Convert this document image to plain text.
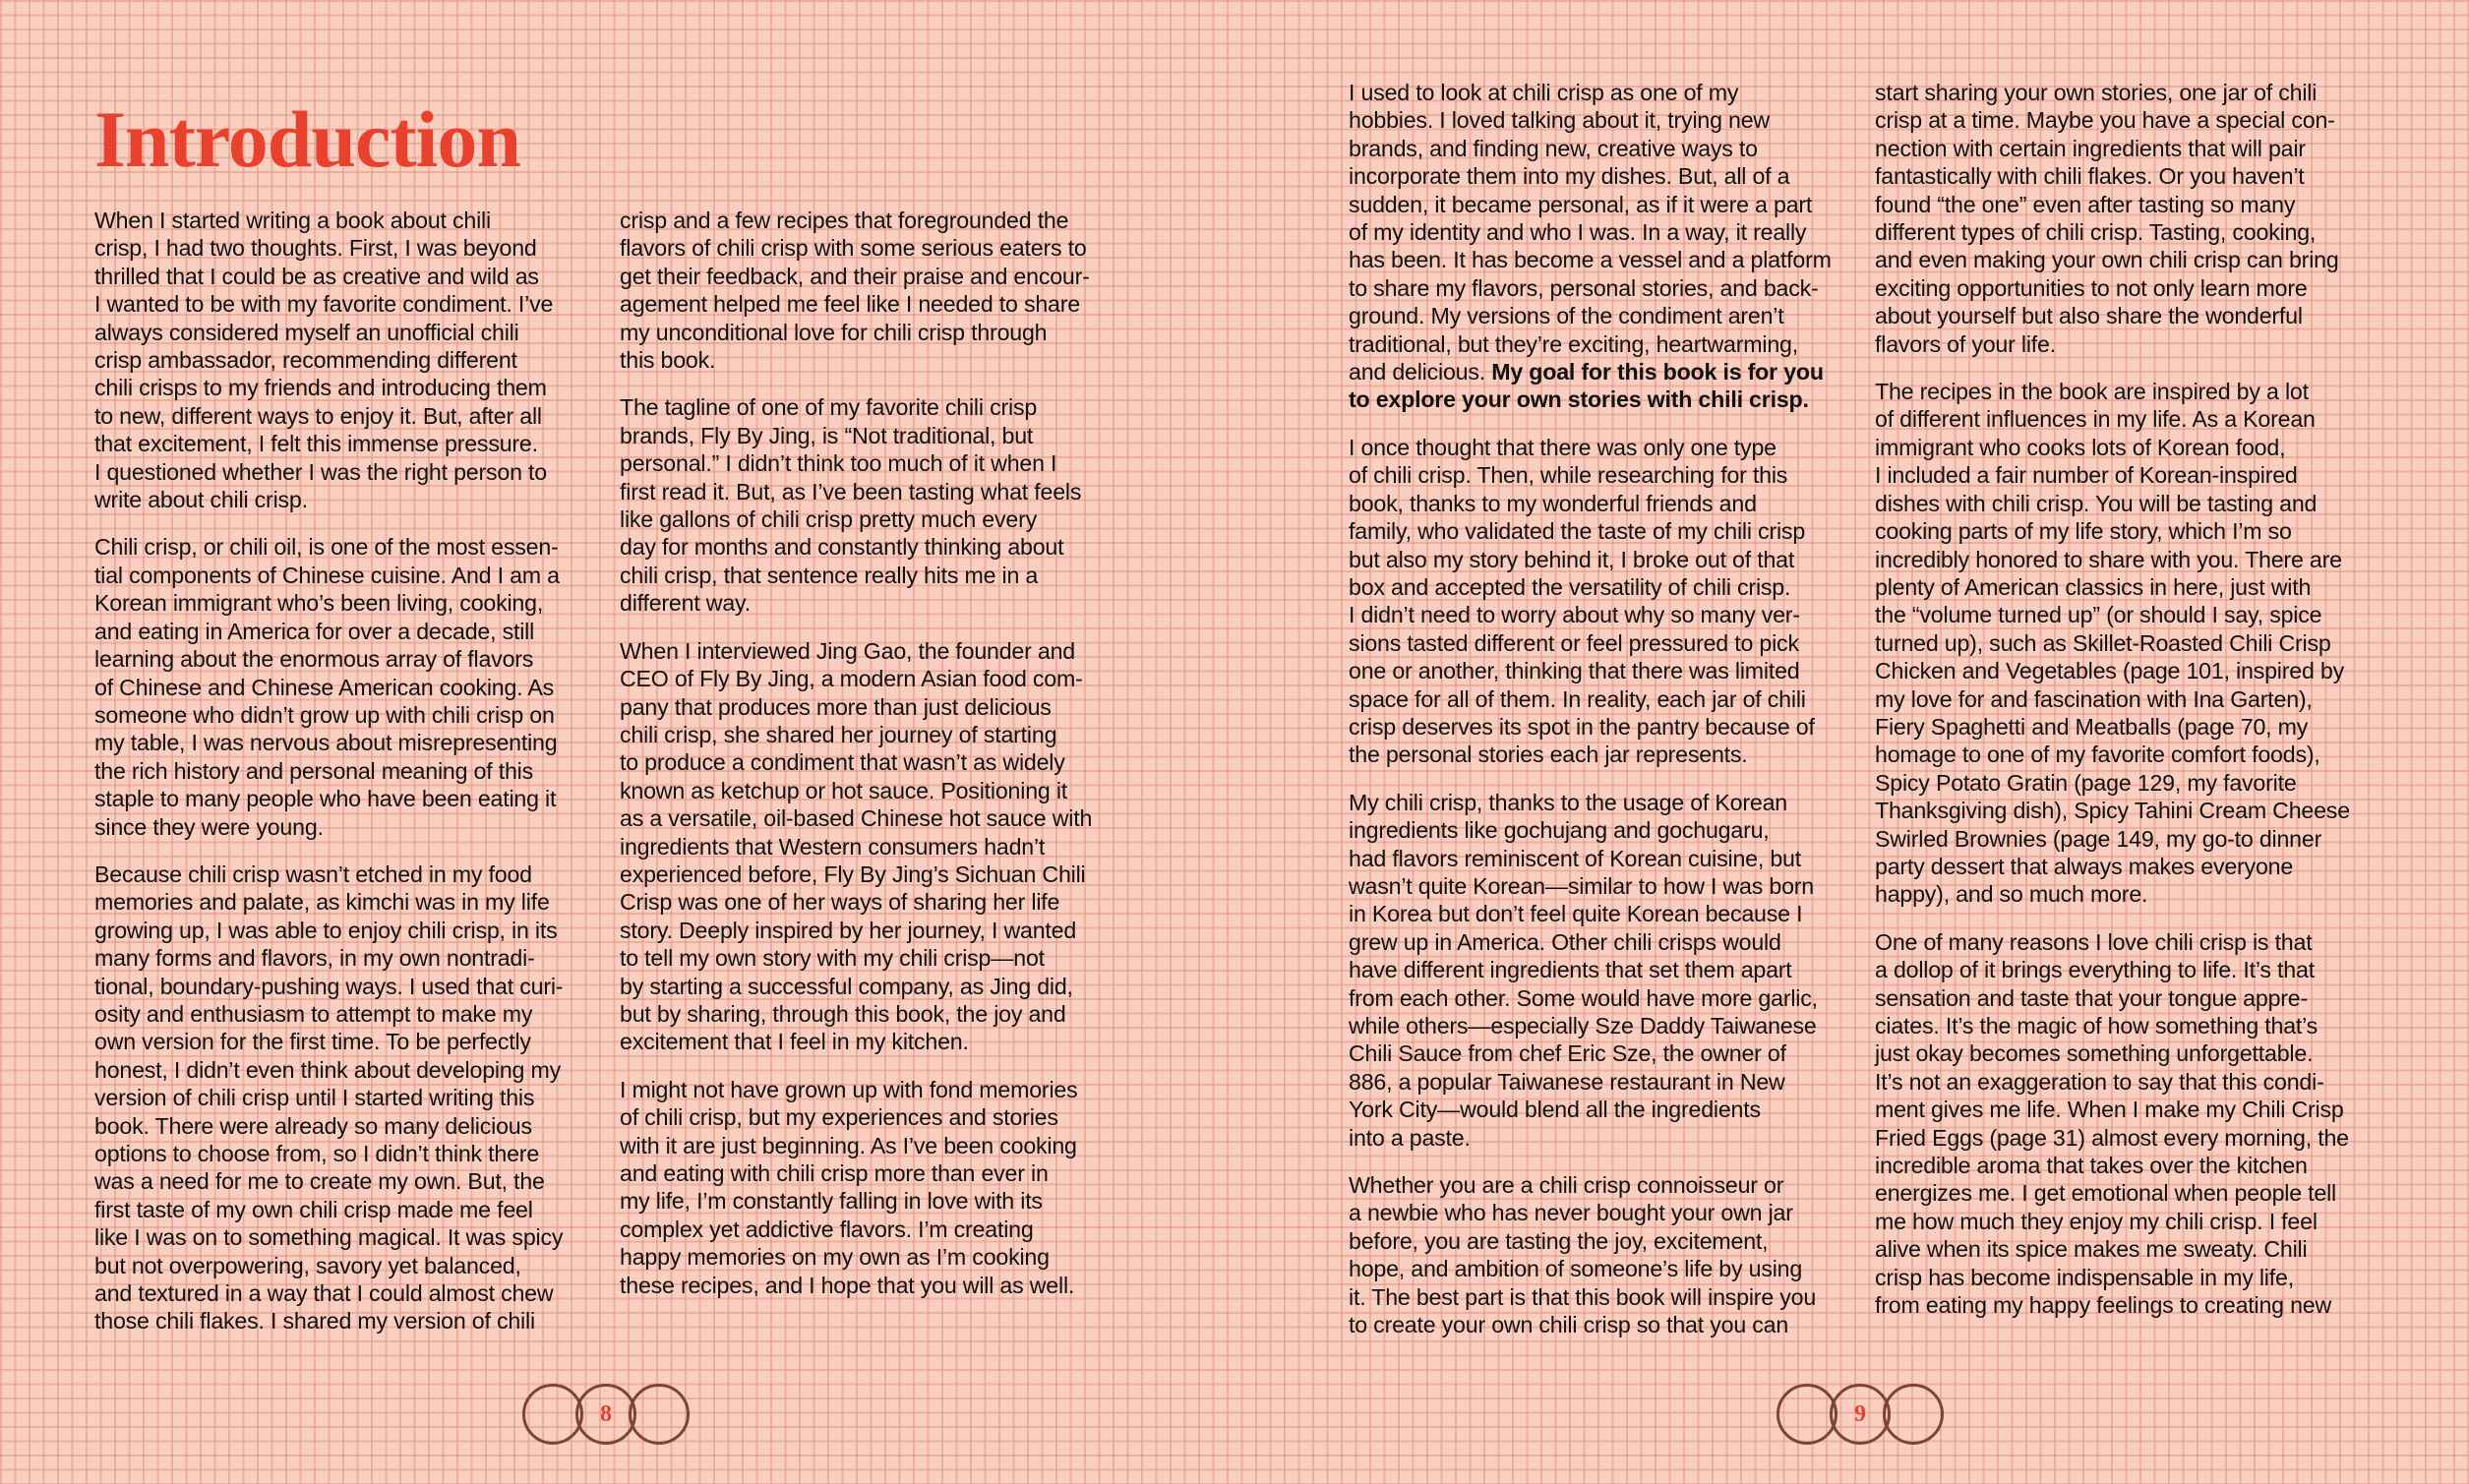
Introduction

When I started writing a book about chili
crisp, I had two thoughts. First, I was beyond
thrilled that I could be as creative and wild as
I wanted to be with my favorite condiment. I’ve
always considered myself an unofficial chili
crisp ambassador, recommending different
chili crisps to my friends and introducing them
to new, different ways to enjoy it. But, after all
that excitement, I felt this immense pressure.
I questioned whether I was the right person to
write about chili crisp.

Chili crisp, or chili oil, is one of the most essen-
tial components of Chinese cuisine. And I am a
Korean immigrant who’s been living, cooking,
and eating in America for over a decade, still
learning about the enormous array of flavors
of Chinese and Chinese American cooking. As
someone who didn’t grow up with chili crisp on
my table, I was nervous about misrepresenting
the rich history and personal meaning of this
staple to many people who have been eating it
since they were young.

Because chili crisp wasn’t etched in my food
memories and palate, as kimchi was in my life
growing up, I was able to enjoy chili crisp, in its
many forms and flavors, in my own nontradi-
tional, boundary-pushing ways. I used that curi-
osity and enthusiasm to attempt to make my
own version for the first time. To be perfectly
honest, I didn’t even think about developing my
version of chili crisp until I started writing this
book. There were already so many delicious
options to choose from, so I didn’t think there
was a need for me to create my own. But, the
first taste of my own chili crisp made me feel
like I was on to something magical. It was spicy
but not overpowering, savory yet balanced,
and textured in a way that I could almost chew
those chili flakes. I shared my version of chili

crisp and a few recipes that foregrounded the
flavors of chili crisp with some serious eaters to
get their feedback, and their praise and encour-
agement helped me feel like I needed to share
my unconditional love for chili crisp through
this book.

The tagline of one of my favorite chili crisp
brands, Fly By Jing, is “Not traditional, but
personal.” I didn’t think too much of it when I
first read it. But, as I’ve been tasting what feels
like gallons of chili crisp pretty much every
day for months and constantly thinking about
chili crisp, that sentence really hits me in a
different way.

When I interviewed Jing Gao, the founder and
CEO of Fly By Jing, a modern Asian food com-
pany that produces more than just delicious
chili crisp, she shared her journey of starting
to produce a condiment that wasn’t as widely
known as ketchup or hot sauce. Positioning it
as a versatile, oil-based Chinese hot sauce with
ingredients that Western consumers hadn’t
experienced before, Fly By Jing’s Sichuan Chili
Crisp was one of her ways of sharing her life
story. Deeply inspired by her journey, I wanted
to tell my own story with my chili crisp—not
by starting a successful company, as Jing did,
but by sharing, through this book, the joy and
excitement that I feel in my kitchen.

I might not have grown up with fond memories
of chili crisp, but my experiences and stories
with it are just beginning. As I’ve been cooking
and eating with chili crisp more than ever in
my life, I’m constantly falling in love with its
complex yet addictive flavors. I’m creating
happy memories on my own as I’m cooking
these recipes, and I hope that you will as well.

8

I used to look at chili crisp as one of my
hobbies. I loved talking about it, trying new
brands, and finding new, creative ways to
incorporate them into my dishes. But, all of a
sudden, it became personal, as if it were a part
of my identity and who I was. In a way, it really
has been. It has become a vessel and a platform
to share my flavors, personal stories, and back-
ground. My versions of the condiment aren’t
traditional, but they’re exciting, heartwarming,
and delicious. My goal for this book is for you
to explore your own stories with chili crisp.

I once thought that there was only one type
of chili crisp. Then, while researching for this
book, thanks to my wonderful friends and
family, who validated the taste of my chili crisp
but also my story behind it, I broke out of that
box and accepted the versatility of chili crisp.
I didn’t need to worry about why so many ver-
sions tasted different or feel pressured to pick
one or another, thinking that there was limited
space for all of them. In reality, each jar of chili
crisp deserves its spot in the pantry because of
the personal stories each jar represents.

My chili crisp, thanks to the usage of Korean
ingredients like gochujang and gochugaru,
had flavors reminiscent of Korean cuisine, but
wasn’t quite Korean—similar to how I was born
in Korea but don’t feel quite Korean because I
grew up in America. Other chili crisps would
have different ingredients that set them apart
from each other. Some would have more garlic,
while others—especially Sze Daddy Taiwanese
Chili Sauce from chef Eric Sze, the owner of
886, a popular Taiwanese restaurant in New
York City—would blend all the ingredients
into a paste.

Whether you are a chili crisp connoisseur or
a newbie who has never bought your own jar
before, you are tasting the joy, excitement,
hope, and ambition of someone’s life by using
it. The best part is that this book will inspire you
to create your own chili crisp so that you can

start sharing your own stories, one jar of chili
crisp at a time. Maybe you have a special con-
nection with certain ingredients that will pair
fantastically with chili flakes. Or you haven’t
found “the one” even after tasting so many
different types of chili crisp. Tasting, cooking,
and even making your own chili crisp can bring
exciting opportunities to not only learn more
about yourself but also share the wonderful
flavors of your life.

The recipes in the book are inspired by a lot
of different influences in my life. As a Korean
immigrant who cooks lots of Korean food,
I included a fair number of Korean-inspired
dishes with chili crisp. You will be tasting and
cooking parts of my life story, which I’m so
incredibly honored to share with you. There are
plenty of American classics in here, just with
the “volume turned up” (or should I say, spice
turned up), such as Skillet-Roasted Chili Crisp
Chicken and Vegetables (page 101, inspired by
my love for and fascination with Ina Garten),
Fiery Spaghetti and Meatballs (page 70, my
homage to one of my favorite comfort foods),
Spicy Potato Gratin (page 129, my favorite
Thanksgiving dish), Spicy Tahini Cream Cheese
Swirled Brownies (page 149, my go-to dinner
party dessert that always makes everyone
happy), and so much more.

One of many reasons I love chili crisp is that
a dollop of it brings everything to life. It’s that
sensation and taste that your tongue appre-
ciates. It’s the magic of how something that’s
just okay becomes something unforgettable.
It’s not an exaggeration to say that this condi-
ment gives me life. When I make my Chili Crisp
Fried Eggs (page 31) almost every morning, the
incredible aroma that takes over the kitchen
energizes me. I get emotional when people tell
me how much they enjoy my chili crisp. I feel
alive when its spice makes me sweaty. Chili
crisp has become indispensable in my life,
from eating my happy feelings to creating new

9
